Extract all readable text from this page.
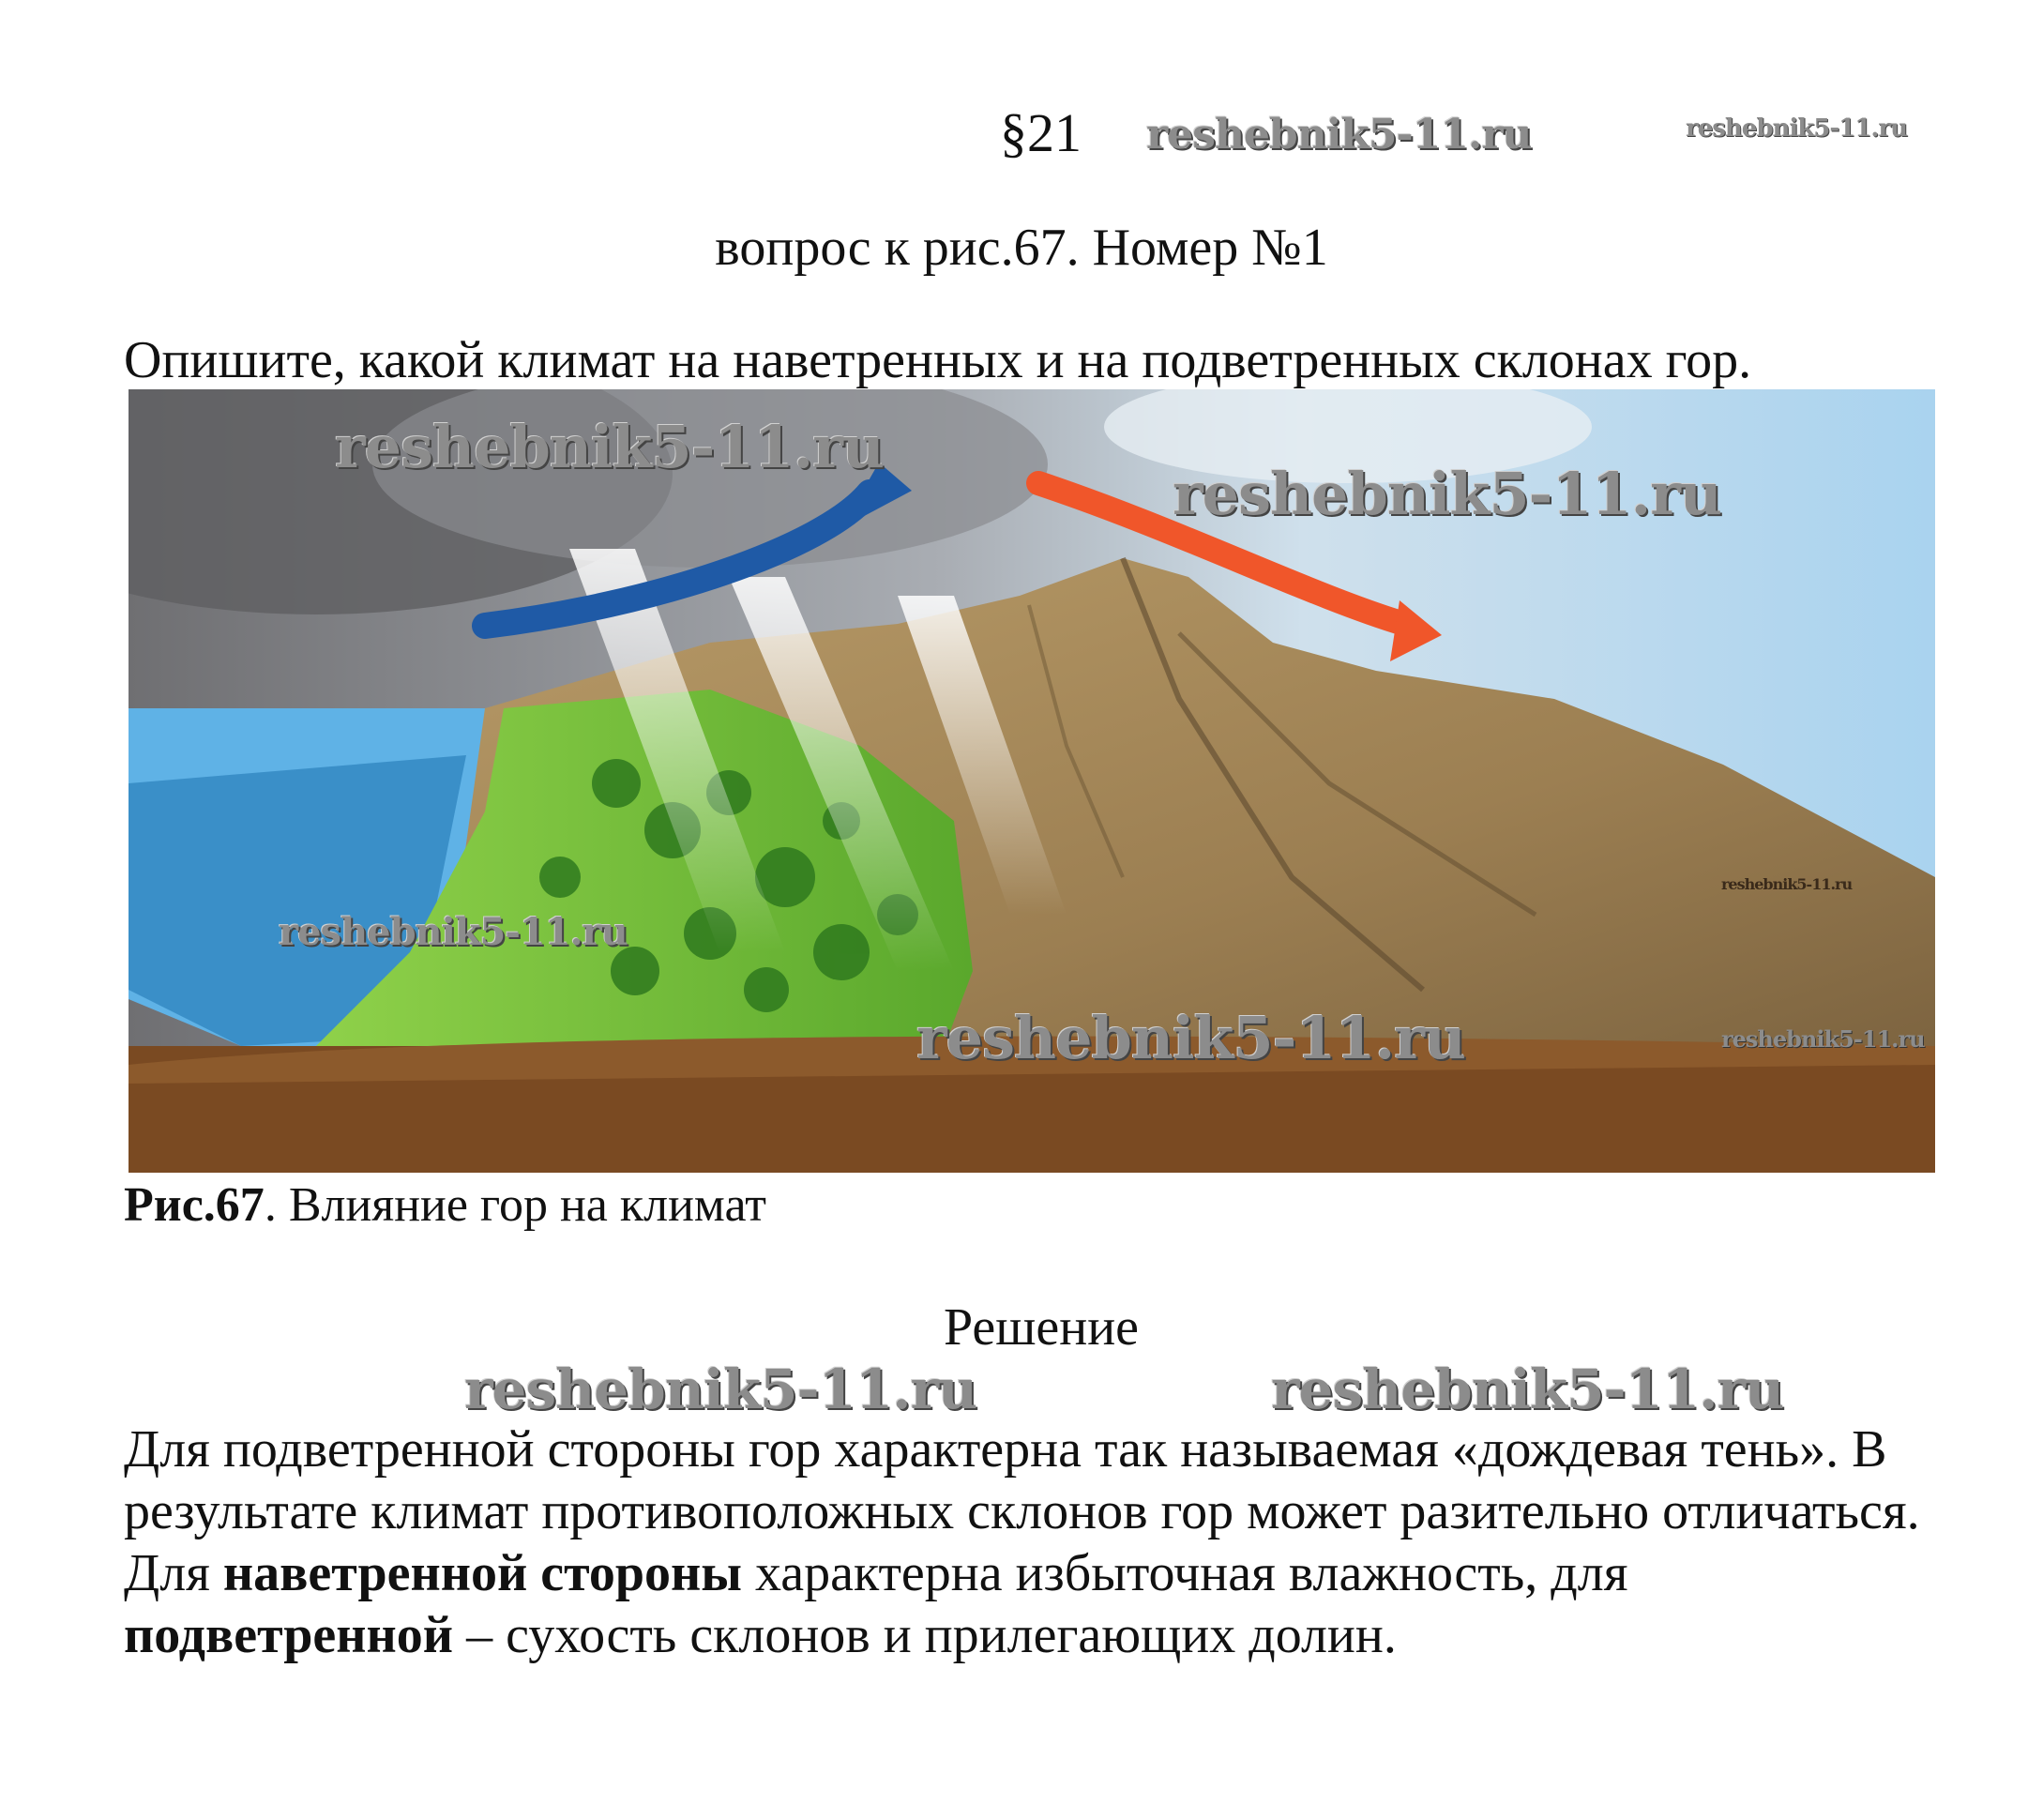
§21 reshebnik5-11.ru	reshebnik5-11.ru
вопрос к рис.67. Номер №1
Опишите, какой климат на наветренных и на подветренных склонах гор.
reshebnik5-11.ru
reshebnik5-11.ru
reshebnik5-11.ru
reshebnik5-11.ru
reshebnik5-11.ru
reshebnik5-11.ru
Рис.67. Влияние гор на климат
Решение
reshebnik5-11.ru	reshebnik5-11.ru
Для подветренной стороны гор характерна так называемая «дождевая тень». В результате климат противоположных склонов гор может разительно отличаться. Для наветренной стороны характерна избыточная влажность, для подветренной – сухость склонов и прилегающих долин.
